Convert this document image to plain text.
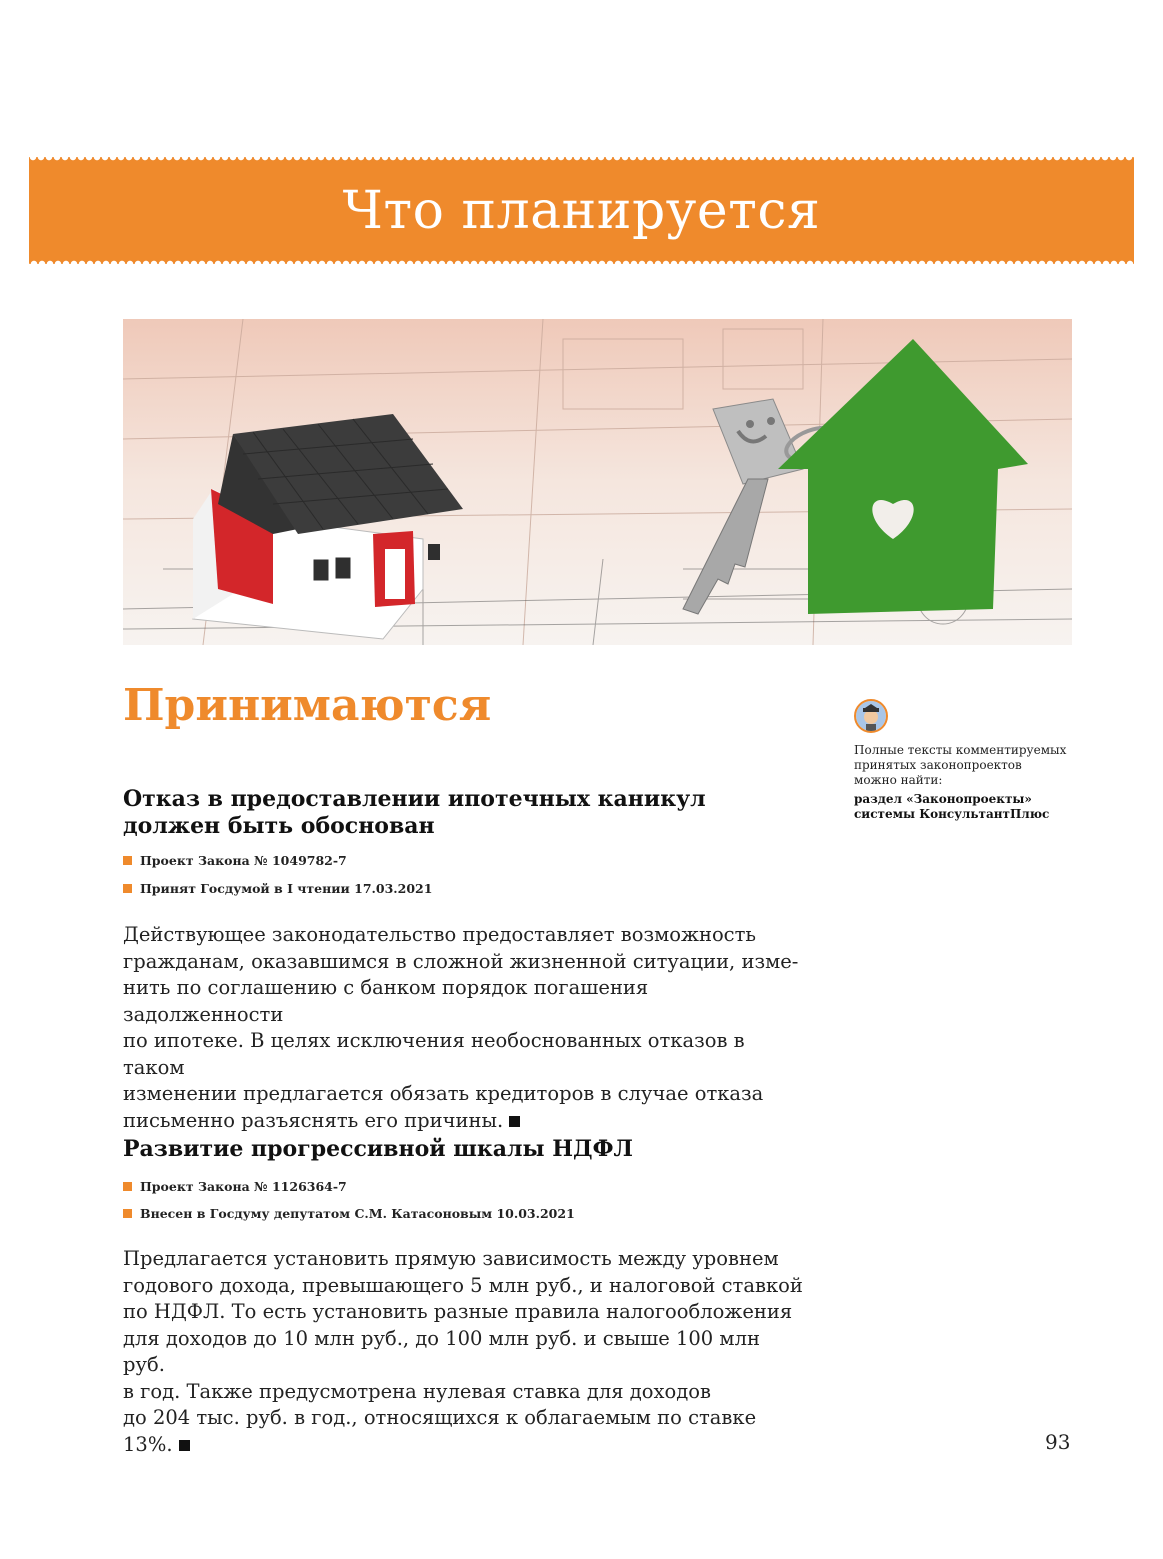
Что планируется
Принимаются
Отказ в предоставлении ипотечных каникул
должен быть обоснован
Проект Закона № 1049782-7
Принят Госдумой в I чтении 17.03.2021

Действующее законодательство предоставляет возможность
гражданам, оказавшимся в сложной жизненной ситуации, изме-
нить по соглашению с банком порядок погашения задолженности
по ипотеке. В целях исключения необоснованных отказов в таком
изменении предлагается обязать кредиторов в случае отказа
письменно разъяснять его причины.

Развитие прогрессивной шкалы НДФЛ
Проект Закона № 1126364-7
Внесен в Госдуму депутатом С.М. Катасоновым 10.03.2021

Предлагается установить прямую зависимость между уровнем
годового дохода, превышающего 5 млн руб., и налоговой ставкой
по НДФЛ. То есть установить разные правила налогообложения
для доходов до 10 млн руб., до 100 млн руб. и свыше 100 млн руб.
в год. Также предусмотрена нулевая ставка для доходов
до 204 тыс. руб. в год., относящихся к облагаемым по ставке 13%.

Полные тексты комментируемых
принятых законопроектов
можно найти:

раздел «Законопроекты»
системы КонсультантПлюс

93
